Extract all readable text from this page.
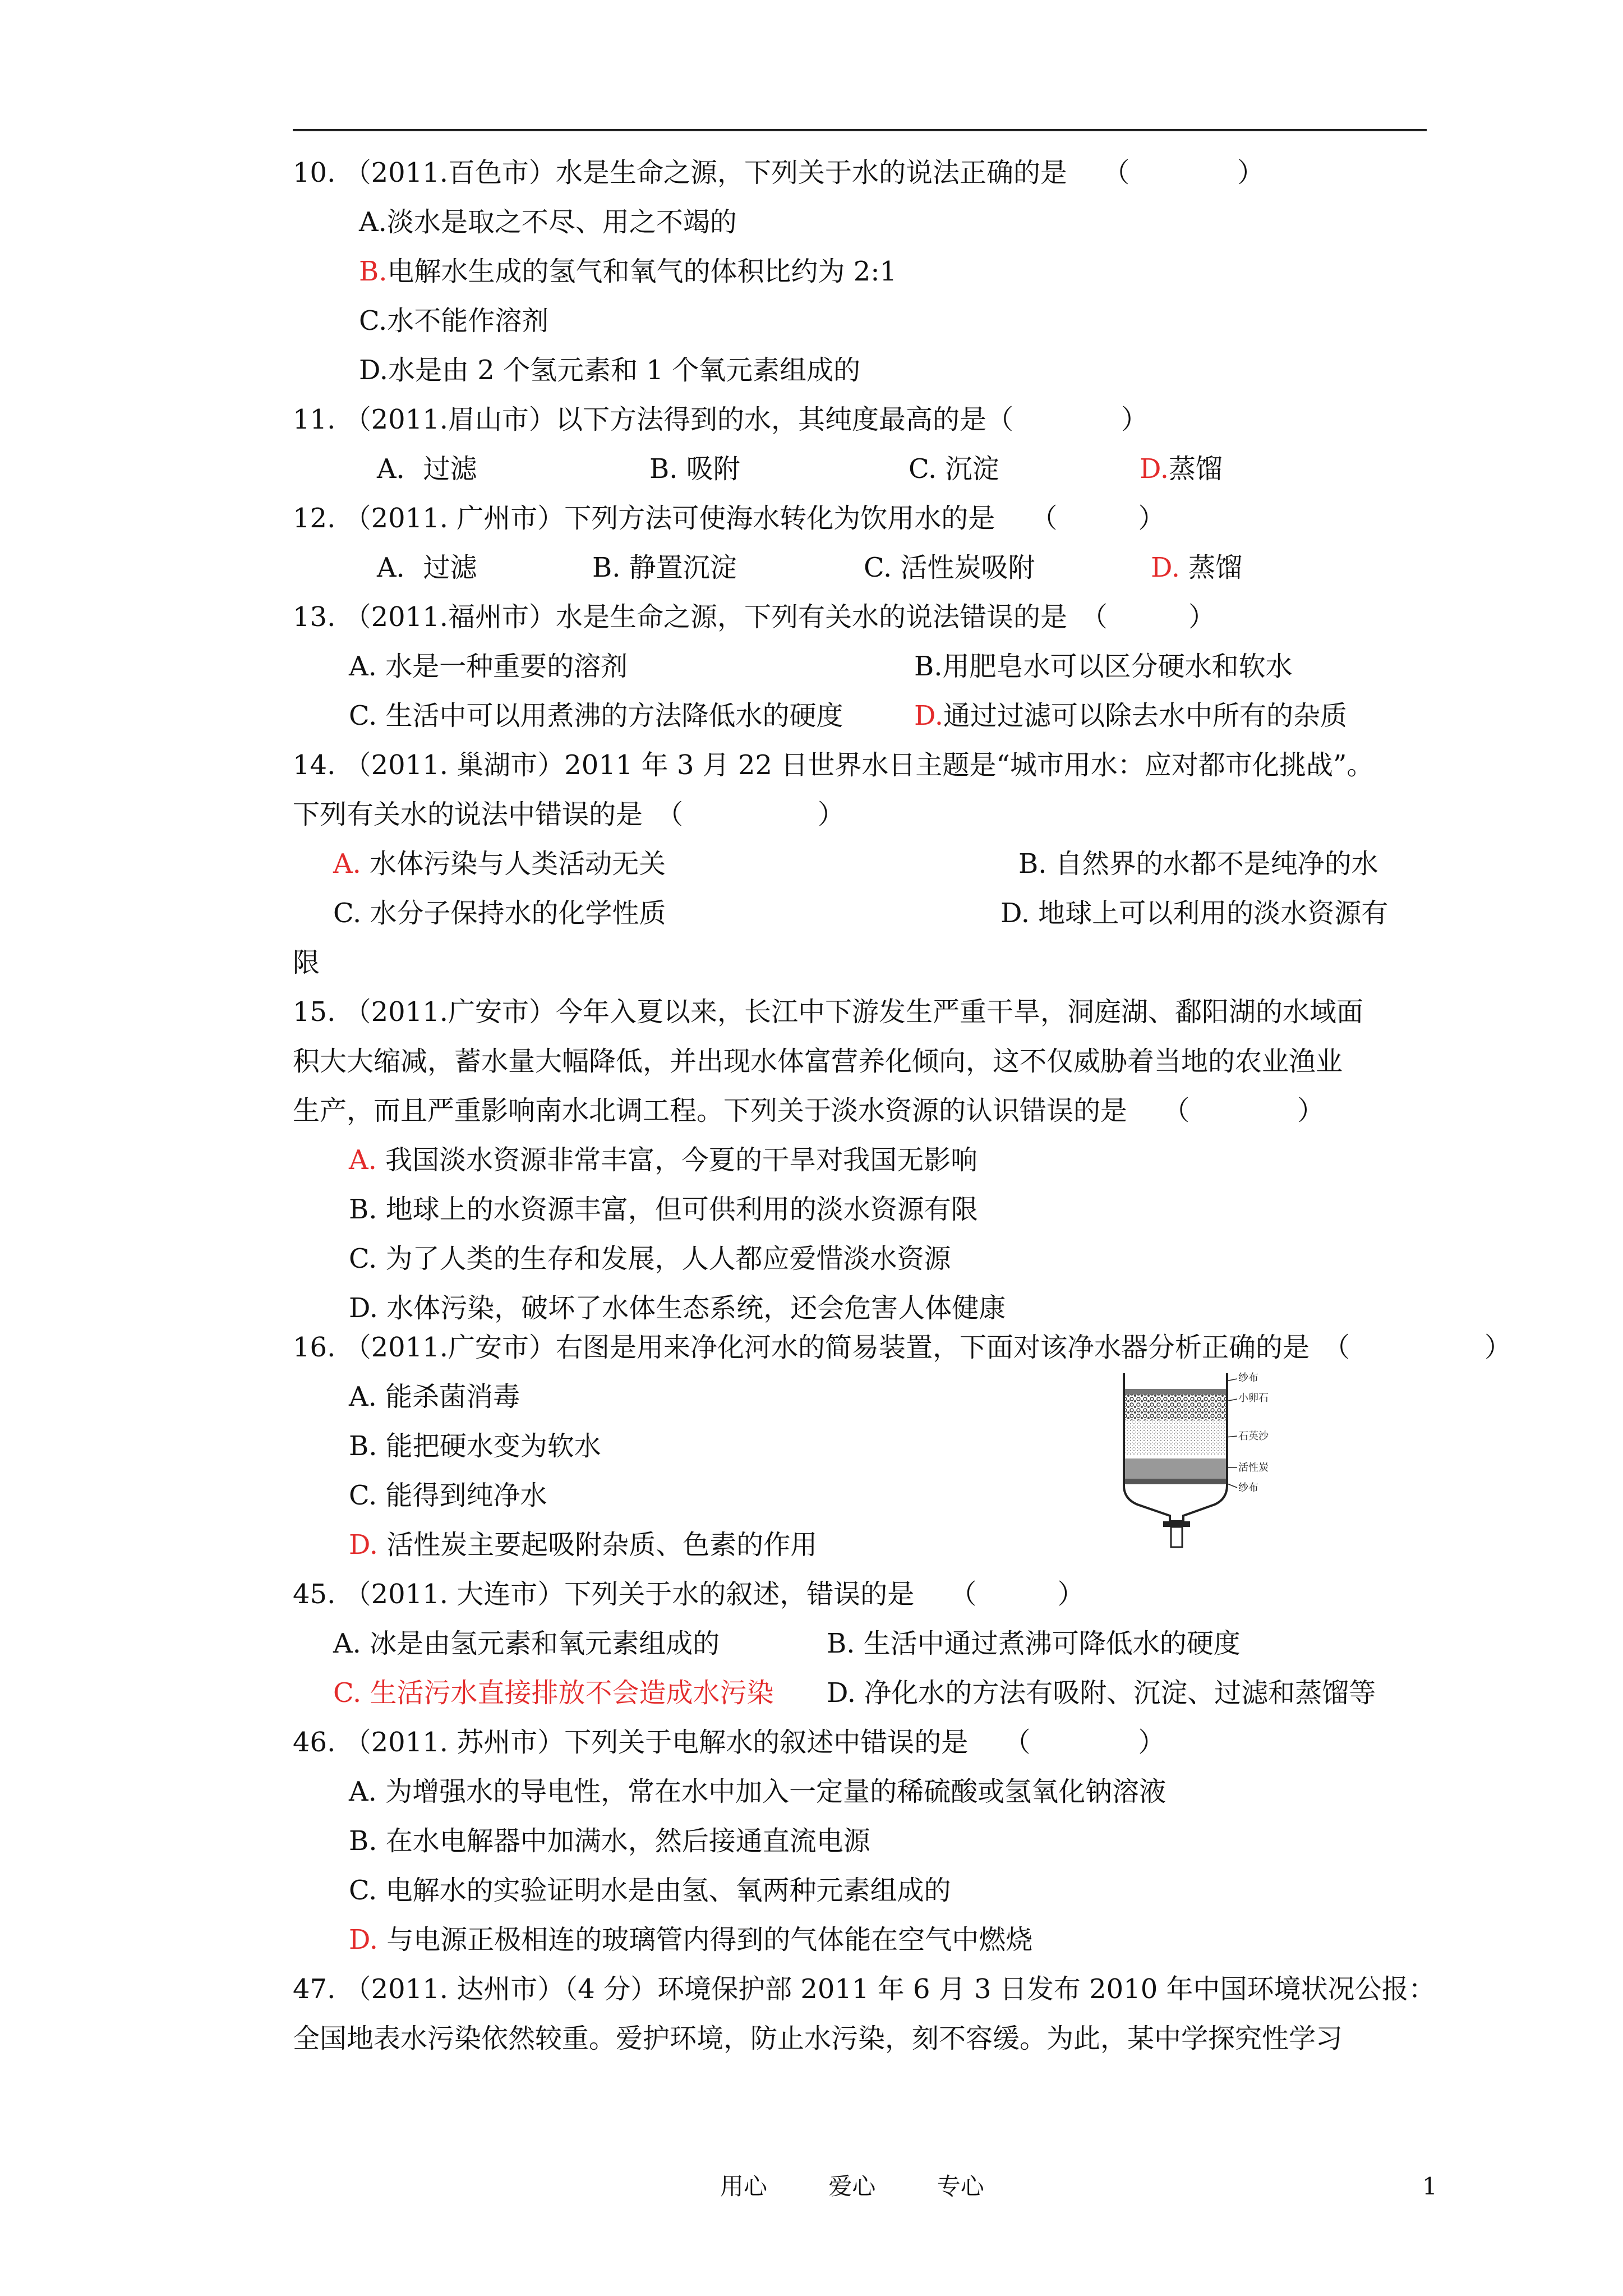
10. （2011.百色市）水是生命之源，下列关于水的说法正确的是　 （　　　　）
A.淡水是取之不尽、用之不竭的
B.电解水生成的氢气和氧气的体积比约为 2:1
C.水不能作溶剂
D.水是由 2 个氢元素和 1 个氧元素组成的
11. （2011.眉山市）以下方法得到的水，其纯度最高的是（　　　　）
A．过滤	B. 吸附	C. 沉淀	D.蒸馏
12. （2011. 广州市）下列方法可使海水转化为饮用水的是　 （　　　）
A．过滤	B. 静置沉淀	C. 活性炭吸附	D. 蒸馏
13. （2011.福州市）水是生命之源，下列有关水的说法错误的是　（　　　）
A. 水是一种重要的溶剂	B.用肥皂水可以区分硬水和软水
C. 生活中可以用煮沸的方法降低水的硬度	D.通过过滤可以除去水中所有的杂质
14. （2011. 巢湖市）2011 年 3 月 22 日世界水日主题是“城市用水：应对都市化挑战”。
下列有关水的说法中错误的是　（　　　　　）
A. 水体污染与人类活动无关	B. 自然界的水都不是纯净的水
C. 水分子保持水的化学性质	D. 地球上可以利用的淡水资源有
限
15. （2011.广安市）今年入夏以来，长江中下游发生严重干旱，洞庭湖、鄱阳湖的水域面
积大大缩减，蓄水量大幅降低，并出现水体富营养化倾向，这不仅威胁着当地的农业渔业
生产，而且严重影响南水北调工程。下列关于淡水资源的认识错误的是　 （　　　　）
A. 我国淡水资源非常丰富，今夏的干旱对我国无影响
B. 地球上的水资源丰富，但可供利用的淡水资源有限
C. 为了人类的生存和发展，人人都应爱惜淡水资源
D. 水体污染，破坏了水体生态系统，还会危害人体健康
16. （2011.广安市）右图是用来净化河水的简易装置，下面对该净水器分析正确的是　（　　　　　）
A. 能杀菌消毒
B. 能把硬水变为软水
C. 能得到纯净水
D. 活性炭主要起吸附杂质、色素的作用
纱布
小卵石
石英沙
活性炭
纱布
45. （2011. 大连市）下列关于水的叙述，错误的是　 （　　　）
A. 冰是由氢元素和氧元素组成的	B. 生活中通过煮沸可降低水的硬度
C. 生活污水直接排放不会造成水污染 D. 净化水的方法有吸附、沉淀、过滤和蒸馏等
46. （2011. 苏州市）下列关于电解水的叙述中错误的是　 （　　　　）
A. 为增强水的导电性，常在水中加入一定量的稀硫酸或氢氧化钠溶液
B. 在水电解器中加满水，然后接通直流电源
C. 电解水的实验证明水是由氢、氧两种元素组成的
D. 与电源正极相连的玻璃管内得到的气体能在空气中燃烧
47. （2011. 达州市）（4 分）环境保护部 2011 年 6 月 3 日发布 2010 年中国环境状况公报：
全国地表水污染依然较重。爱护环境，防止水污染，刻不容缓。为此，某中学探究性学习
用心	爱心	专心	1
